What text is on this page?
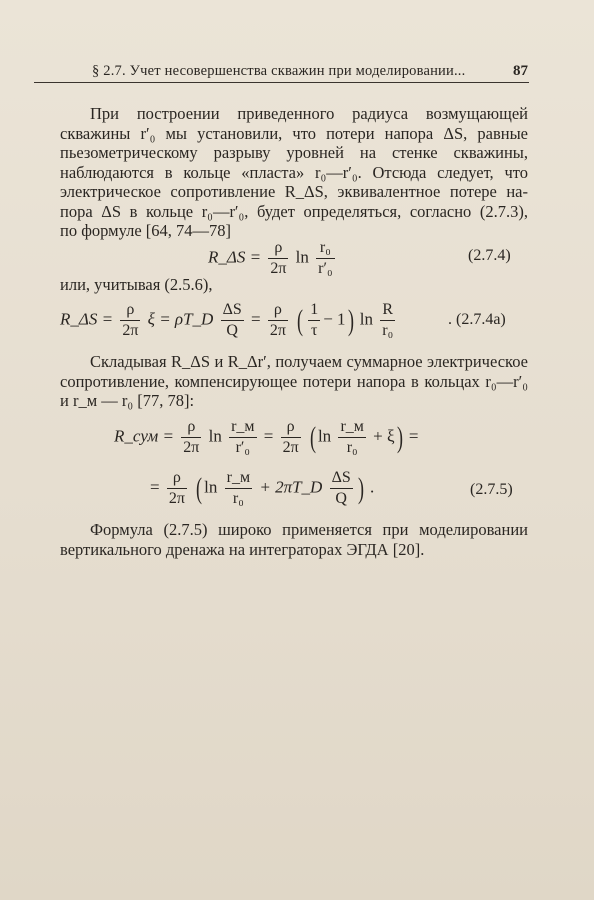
§ 2.7. Учет несовершенства скважин при моделировании...	87
При построении приведенного радиуса возмущающей
скважины r′₀ мы установили, что потери напора ΔS, равные
пьезометрическому разрыву уровней на стенке скважины,
наблюдаются в кольце «пласта» r₀—r′₀. Отсюда следует, что
электрическое сопротивление R_ΔS, эквивалентное потере на-
пора ΔS в кольце r₀—r′₀, будет определяться, согласно (2.7.3),
по формуле [64, 74—78]
R_ΔS = $\frac{\rho}{2\pi}$ $\ln \frac{\text{r₀}}{\text{r′₀}}$	(2.7.4)
или, учитывая (2.5.6),
R_ΔS = $\frac{\rho}{2\pi}$ ξ = ρT_D $\frac{\Delta S}{Q} = \frac{\rho}{2\pi}$ ( $\frac{1}{\tau} - 1$) $\ln \frac{R}{\text{r₀}}$	. (2.7.4a)
Складывая R_ΔS и R_Δr′, получаем суммарное электрическое
сопротивление, компенсирующее потери напора в кольцах r₀—r′₀
и r_м — r₀ [77, 78]:
R_сум = $\frac{\rho}{2\pi}$ $\ln \frac{r\_м}{\text{r′₀}} = \frac{\rho}{2\pi}$ ( $\ln \frac{r\_м}{\text{r₀}} + \xi$) =
= $\frac{\rho}{2\pi}$ ( $\ln \frac{r\_м}{\text{r₀}}$ + 2πT_D $\frac{\Delta S}{Q}$ ) .	(2.7.5)
Формула (2.7.5) широко применяется при моделировании
вертикального дренажа на интеграторах ЭГДА [20].
